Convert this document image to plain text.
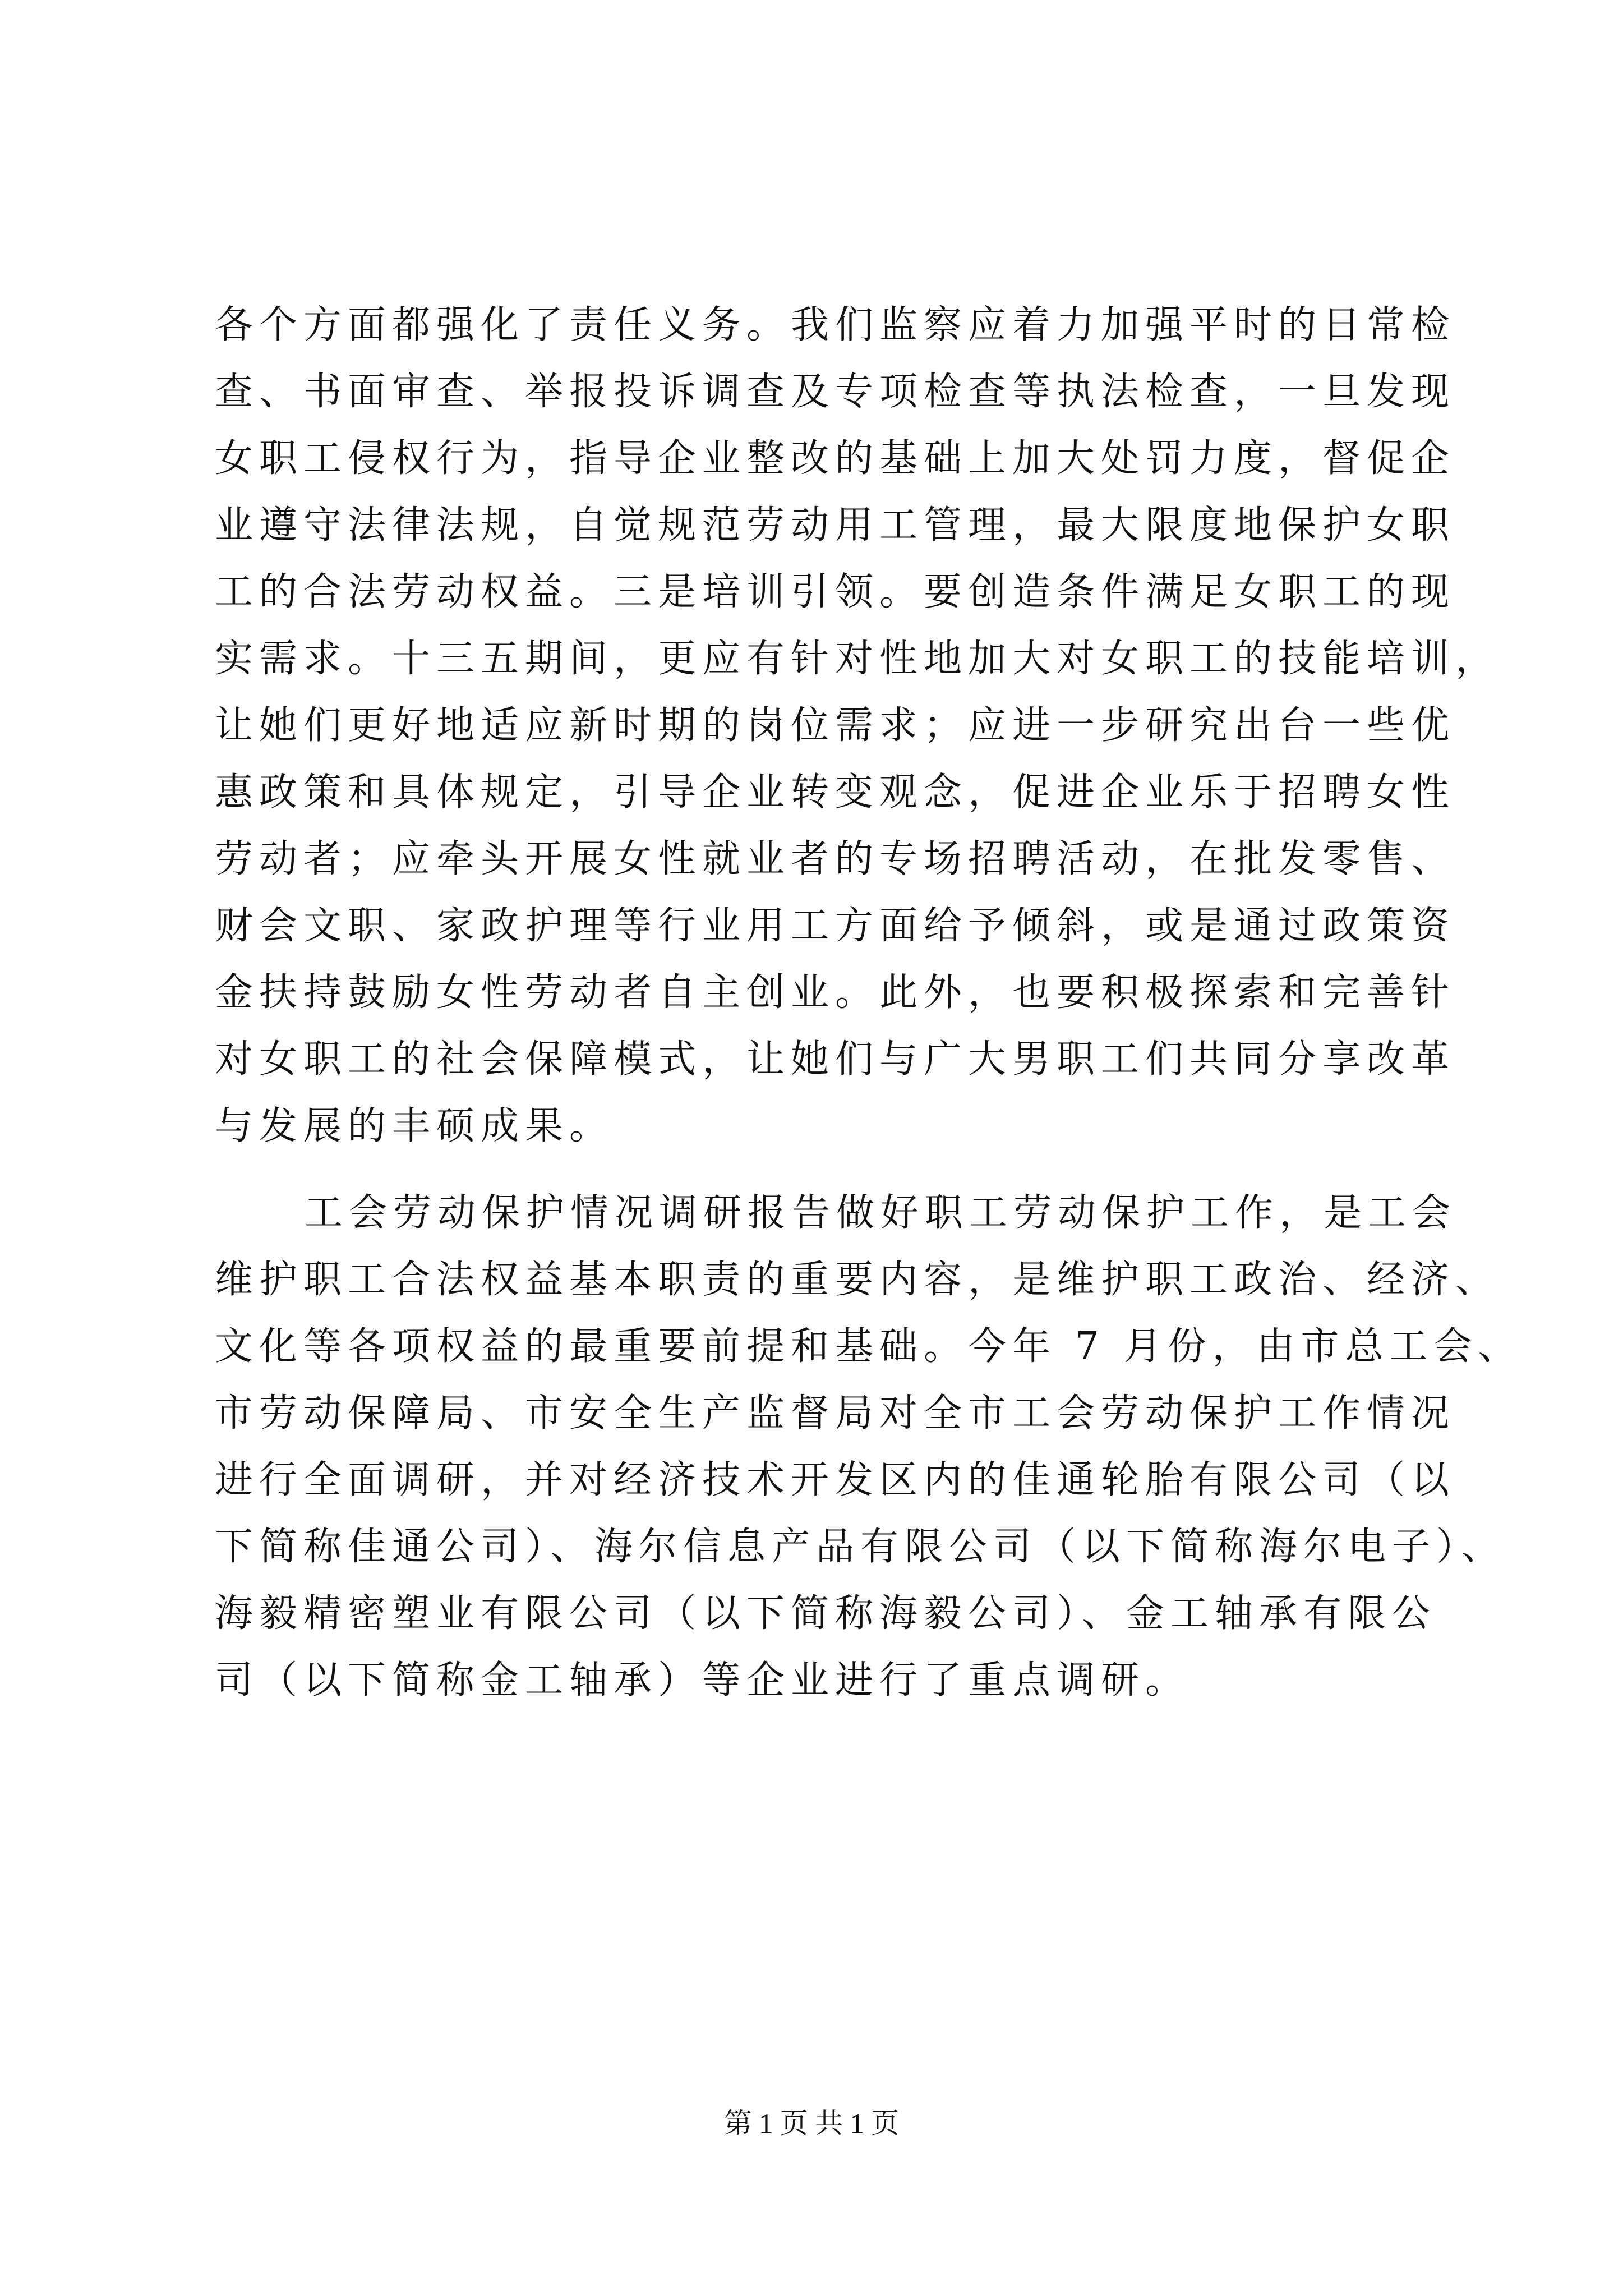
各个方面都强化了责任义务。我们监察应着力加强平时的日常检
查、书面审查、举报投诉调查及专项检查等执法检查，一旦发现
女职工侵权行为，指导企业整改的基础上加大处罚力度，督促企
业遵守法律法规，自觉规范劳动用工管理，最大限度地保护女职
工的合法劳动权益。三是培训引领。要创造条件满足女职工的现
实需求。十三五期间，更应有针对性地加大对女职工的技能培训，
让她们更好地适应新时期的岗位需求；应进一步研究出台一些优
惠政策和具体规定，引导企业转变观念，促进企业乐于招聘女性
劳动者；应牵头开展女性就业者的专场招聘活动，在批发零售、
财会文职、家政护理等行业用工方面给予倾斜，或是通过政策资
金扶持鼓励女性劳动者自主创业。此外，也要积极探索和完善针
对女职工的社会保障模式，让她们与广大男职工们共同分享改革
与发展的丰硕成果。
工会劳动保护情况调研报告做好职工劳动保护工作，是工会
维护职工合法权益基本职责的重要内容，是维护职工政治、经济、
文化等各项权益的最重要前提和基础。今年 7 月份，由市总工会、
市劳动保障局、市安全生产监督局对全市工会劳动保护工作情况
进行全面调研，并对经济技术开发区内的佳通轮胎有限公司（以
下简称佳通公司）、海尔信息产品有限公司（以下简称海尔电子）、
海毅精密塑业有限公司（以下简称海毅公司）、金工轴承有限公
司（以下简称金工轴承）等企业进行了重点调研。
第 1 页 共 1 页
